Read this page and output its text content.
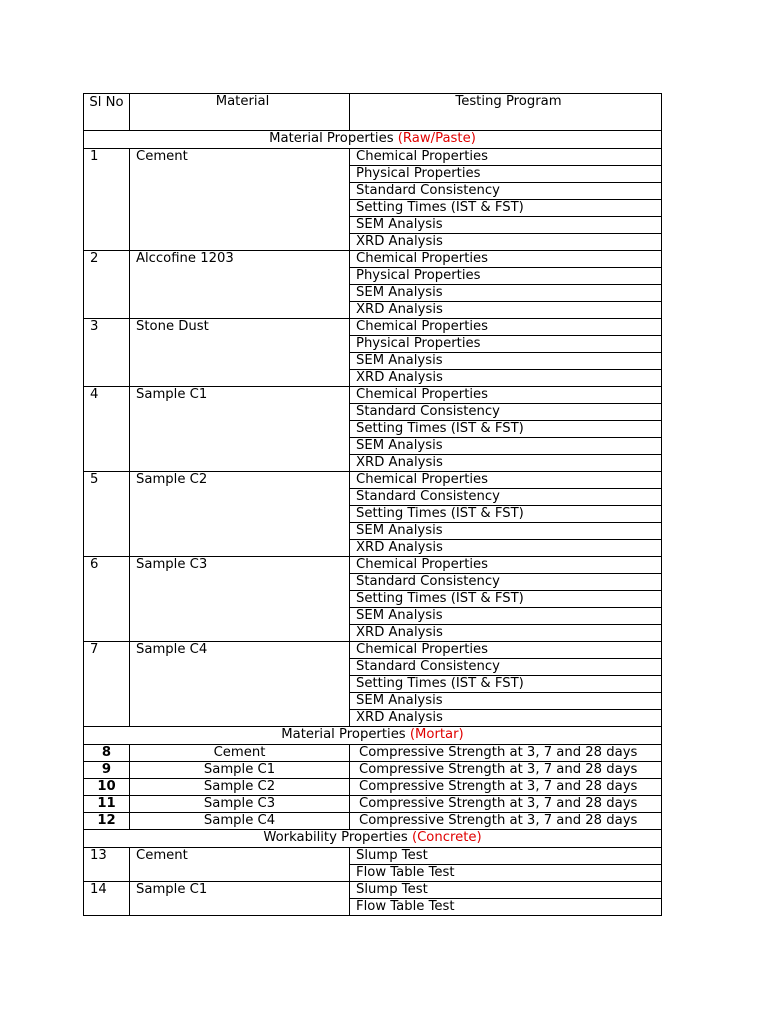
Sl No	Material	Testing Program
Material Properties (Raw/Paste)		
1	Cement	Chemical Properties
		Physical Properties
		Standard Consistency
		Setting Times (IST & FST)
		SEM Analysis
		XRD Analysis
2	Alccofine 1203	Chemical Properties
		Physical Properties
		SEM Analysis
		XRD Analysis
3	Stone Dust	Chemical Properties
		Physical Properties
		SEM Analysis
		XRD Analysis
4	Sample C1	Chemical Properties
		Standard Consistency
		Setting Times (IST & FST)
		SEM Analysis
		XRD Analysis
5	Sample C2	Chemical Properties
		Standard Consistency
		Setting Times (IST & FST)
		SEM Analysis
		XRD Analysis
6	Sample C3	Chemical Properties
		Standard Consistency
		Setting Times (IST & FST)
		SEM Analysis
		XRD Analysis
7	Sample C4	Chemical Properties
		Standard Consistency
		Setting Times (IST & FST)
		SEM Analysis
		XRD Analysis
Material Properties (Mortar)		
8	Cement	Compressive Strength at 3, 7 and 28 days
9	Sample C1	Compressive Strength at 3, 7 and 28 days
10	Sample C2	Compressive Strength at 3, 7 and 28 days
11	Sample C3	Compressive Strength at 3, 7 and 28 days
12	Sample C4	Compressive Strength at 3, 7 and 28 days
Workability Properties (Concrete)		
13	Cement	Slump Test
		Flow Table Test
14	Sample C1	Slump Test
		Flow Table Test
